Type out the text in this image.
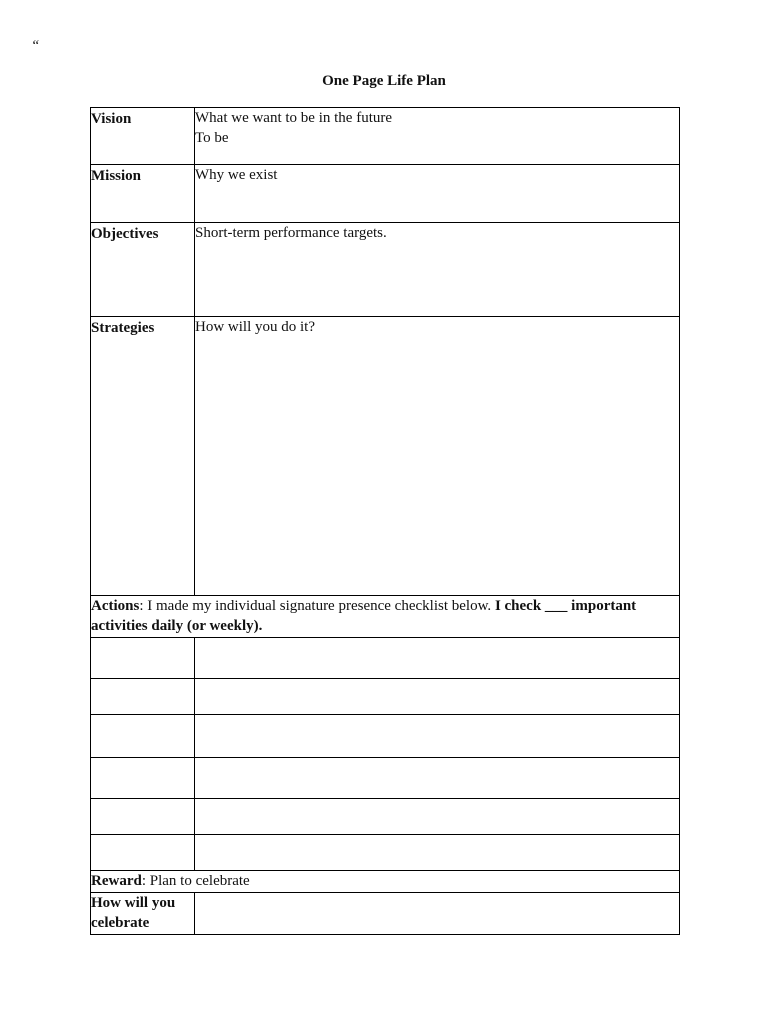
“
One Page Life Plan
Vision	What we want to be in the future
To be

Mission	Why we exist

Objectives	Short-term performance targets.

Strategies	How will you do it?

Actions: I made my individual signature presence checklist below. I check ___ important activities daily (or weekly).	

Reward: Plan to celebrate	

How will you
celebrate	
